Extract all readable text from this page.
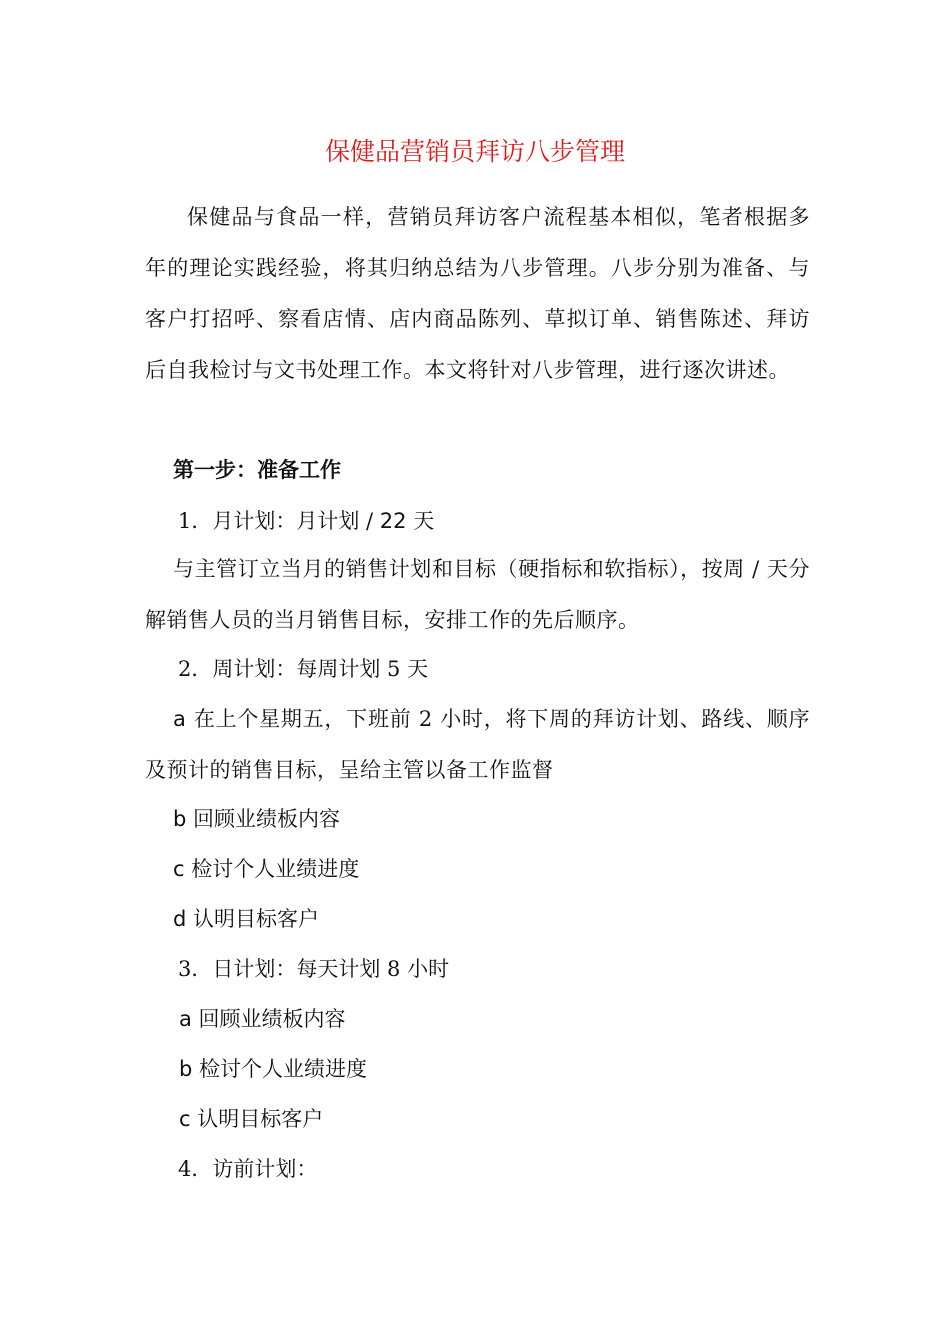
保健品营销员拜访八步管理

保健品与食品一样，营销员拜访客户流程基本相似，笔者根据多年的理论实践经验，将其归纳总结为八步管理。八步分别为准备、与客户打招呼、察看店情、店内商品陈列、草拟订单、销售陈述、拜访后自我检讨与文书处理工作。本文将针对八步管理，进行逐次讲述。

第一步：准备工作

1．月计划：月计划 / 22 天

与主管订立当月的销售计划和目标（硬指标和软指标），按周 / 天分解销售人员的当月销售目标，安排工作的先后顺序。

2．周计划：每周计划 5 天

a 在上个星期五，下班前 2 小时，将下周的拜访计划、路线、顺序及预计的销售目标，呈给主管以备工作监督

b 回顾业绩板内容

c 检讨个人业绩进度

d 认明目标客户

3．日计划：每天计划 8 小时

a 回顾业绩板内容

b 检讨个人业绩进度

c 认明目标客户

4．访前计划：
